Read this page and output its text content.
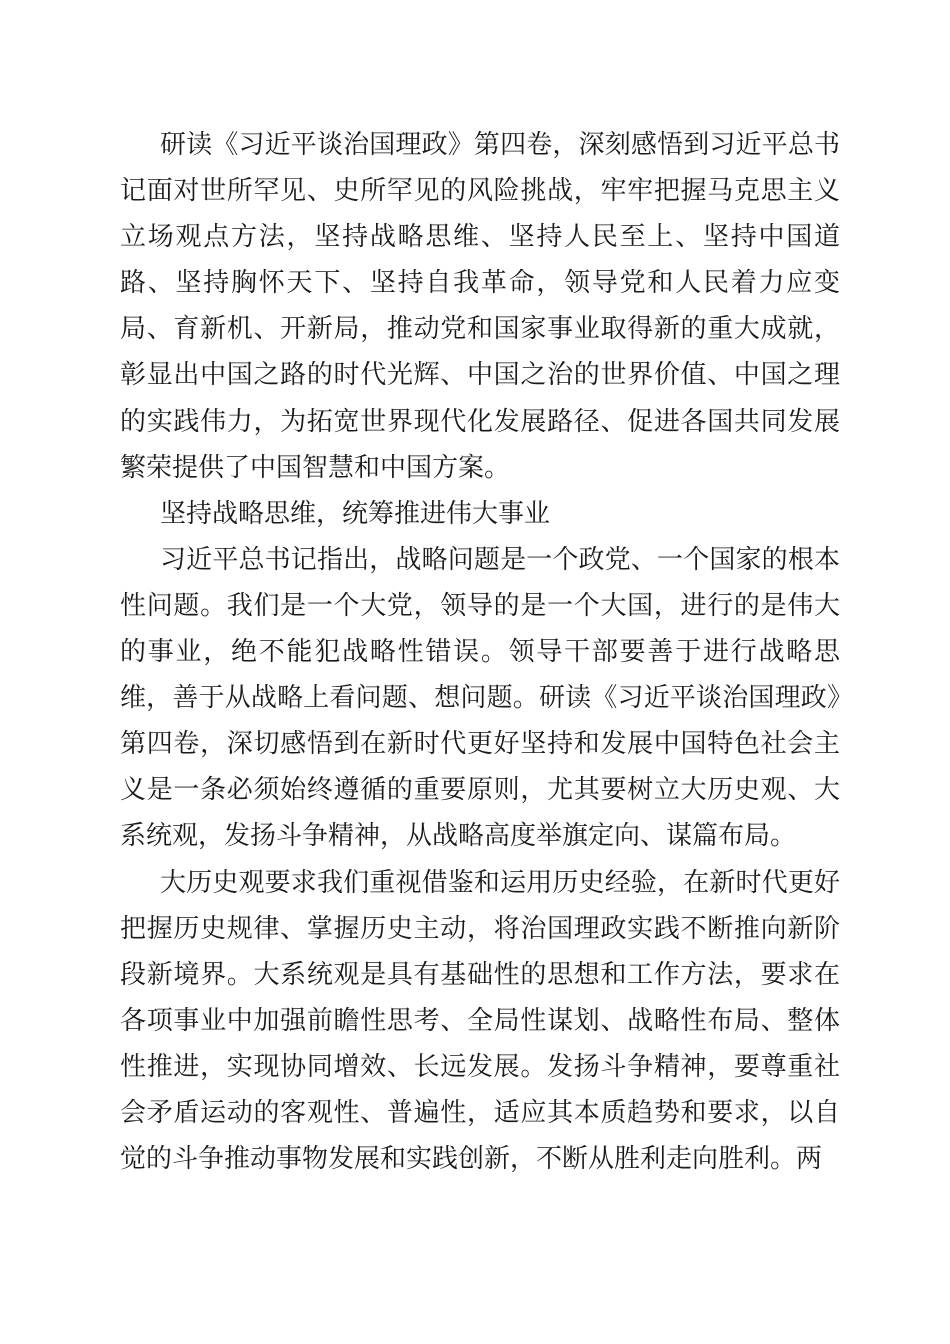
研读《习近平谈治国理政》第四卷，深刻感悟到习近平总书记面对世所罕见、史所罕见的风险挑战，牢牢把握马克思主义立场观点方法，坚持战略思维、坚持人民至上、坚持中国道路、坚持胸怀天下、坚持自我革命，领导党和人民着力应变局、育新机、开新局，推动党和国家事业取得新的重大成就，彰显出中国之路的时代光辉、中国之治的世界价值、中国之理的实践伟力，为拓宽世界现代化发展路径、促进各国共同发展繁荣提供了中国智慧和中国方案。

坚持战略思维，统筹推进伟大事业

习近平总书记指出，战略问题是一个政党、一个国家的根本性问题。我们是一个大党，领导的是一个大国，进行的是伟大的事业，绝不能犯战略性错误。领导干部要善于进行战略思维，善于从战略上看问题、想问题。研读《习近平谈治国理政》第四卷，深切感悟到在新时代更好坚持和发展中国特色社会主义是一条必须始终遵循的重要原则，尤其要树立大历史观、大系统观，发扬斗争精神，从战略高度举旗定向、谋篇布局。

大历史观要求我们重视借鉴和运用历史经验，在新时代更好把握历史规律、掌握历史主动，将治国理政实践不断推向新阶段新境界。大系统观是具有基础性的思想和工作方法，要求在各项事业中加强前瞻性思考、全局性谋划、战略性布局、整体性推进，实现协同增效、长远发展。发扬斗争精神，要尊重社会矛盾运动的客观性、普遍性，适应其本质趋势和要求，以自觉的斗争推动事物发展和实践创新，不断从胜利走向胜利。两
